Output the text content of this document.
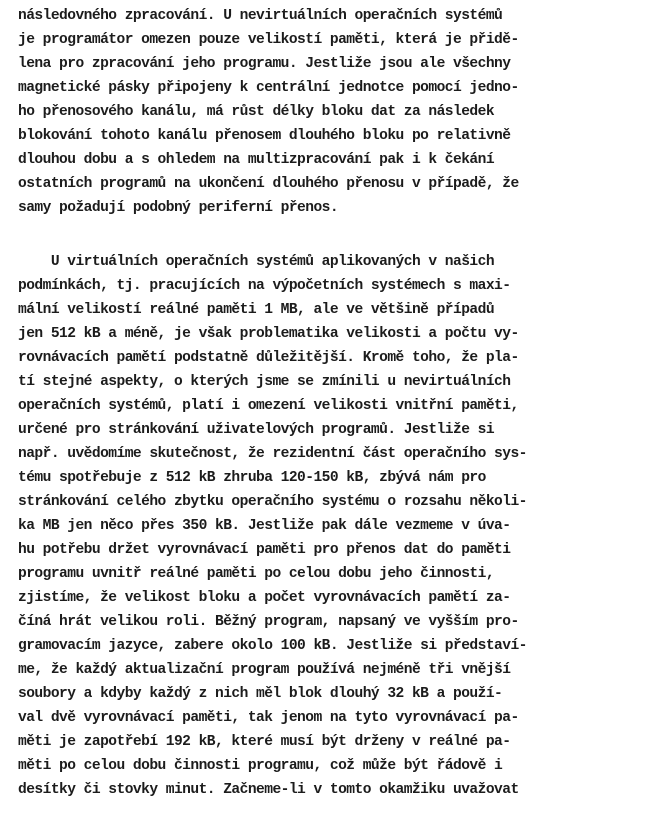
následovného zpracování. U nevirtuálních operačních systémů
je programátor omezen pouze velikostí paměti, která je přidě-
lena pro zpracování jeho programu. Jestliže jsou ale všechny
magnetické pásky připojeny k centrální jednotce pomocí jedno-
ho přenosového kanálu, má růst délky bloku dat za následek
blokování tohoto kanálu přenosem dlouhého bloku po relativně
dlouhou dobu a s ohledem na multizpracování pak i k čekání
ostatních programů na ukončení dlouhého přenosu v případě, že
samy požadují podobný periferní přenos.
U virtuálních operačních systémů aplikovaných v našich
podmínkách, tj. pracujících na výpočetních systémech s maxi-
mální velikostí reálné paměti 1 MB, ale ve většině případů
jen 512 kB a méně, je však problematika velikosti a počtu vy-
rovnávacích pamětí podstatně důležitější. Kromě toho, že pla-
tí stejné aspekty, o kterých jsme se zmínili u nevirtuálních
operačních systémů, platí i omezení velikosti vnitřní paměti,
určené pro stránkování uživatelových programů. Jestliže si
např. uvědomíme skutečnost, že rezidentní část operačního sys-
tému spotřebuje z 512 kB zhruba 120-150 kB, zbývá nám pro
stránkování celého zbytku operačního systému o rozsahu několi-
ka MB jen něco přes 350 kB. Jestliže pak dále vezmeme v úva-
hu potřebu držet vyrovnávací paměti pro přenos dat do paměti
programu uvnitř reálné paměti po celou dobu jeho činnosti,
zjistíme, že velikost bloku a počet vyrovnávacích pamětí za-
číná hrát velikou roli. Běžný program, napsaný ve vyšším pro-
gramovacím jazyce, zabere okolo 100 kB. Jestliže si představí-
me, že každý aktualizační program používá nejméně tři vnější
soubory a kdyby každý z nich měl blok dlouhý 32 kB a použí-
val dvě vyrovnávací paměti, tak jenom na tyto vyrovnávací pa-
měti je zapotřebí 192 kB, které musí být drženy v reálné pa-
měti po celou dobu činnosti programu, což může být řádově i
desítky či stovky minut. Začneme-li v tomto okamžiku uvažovat
